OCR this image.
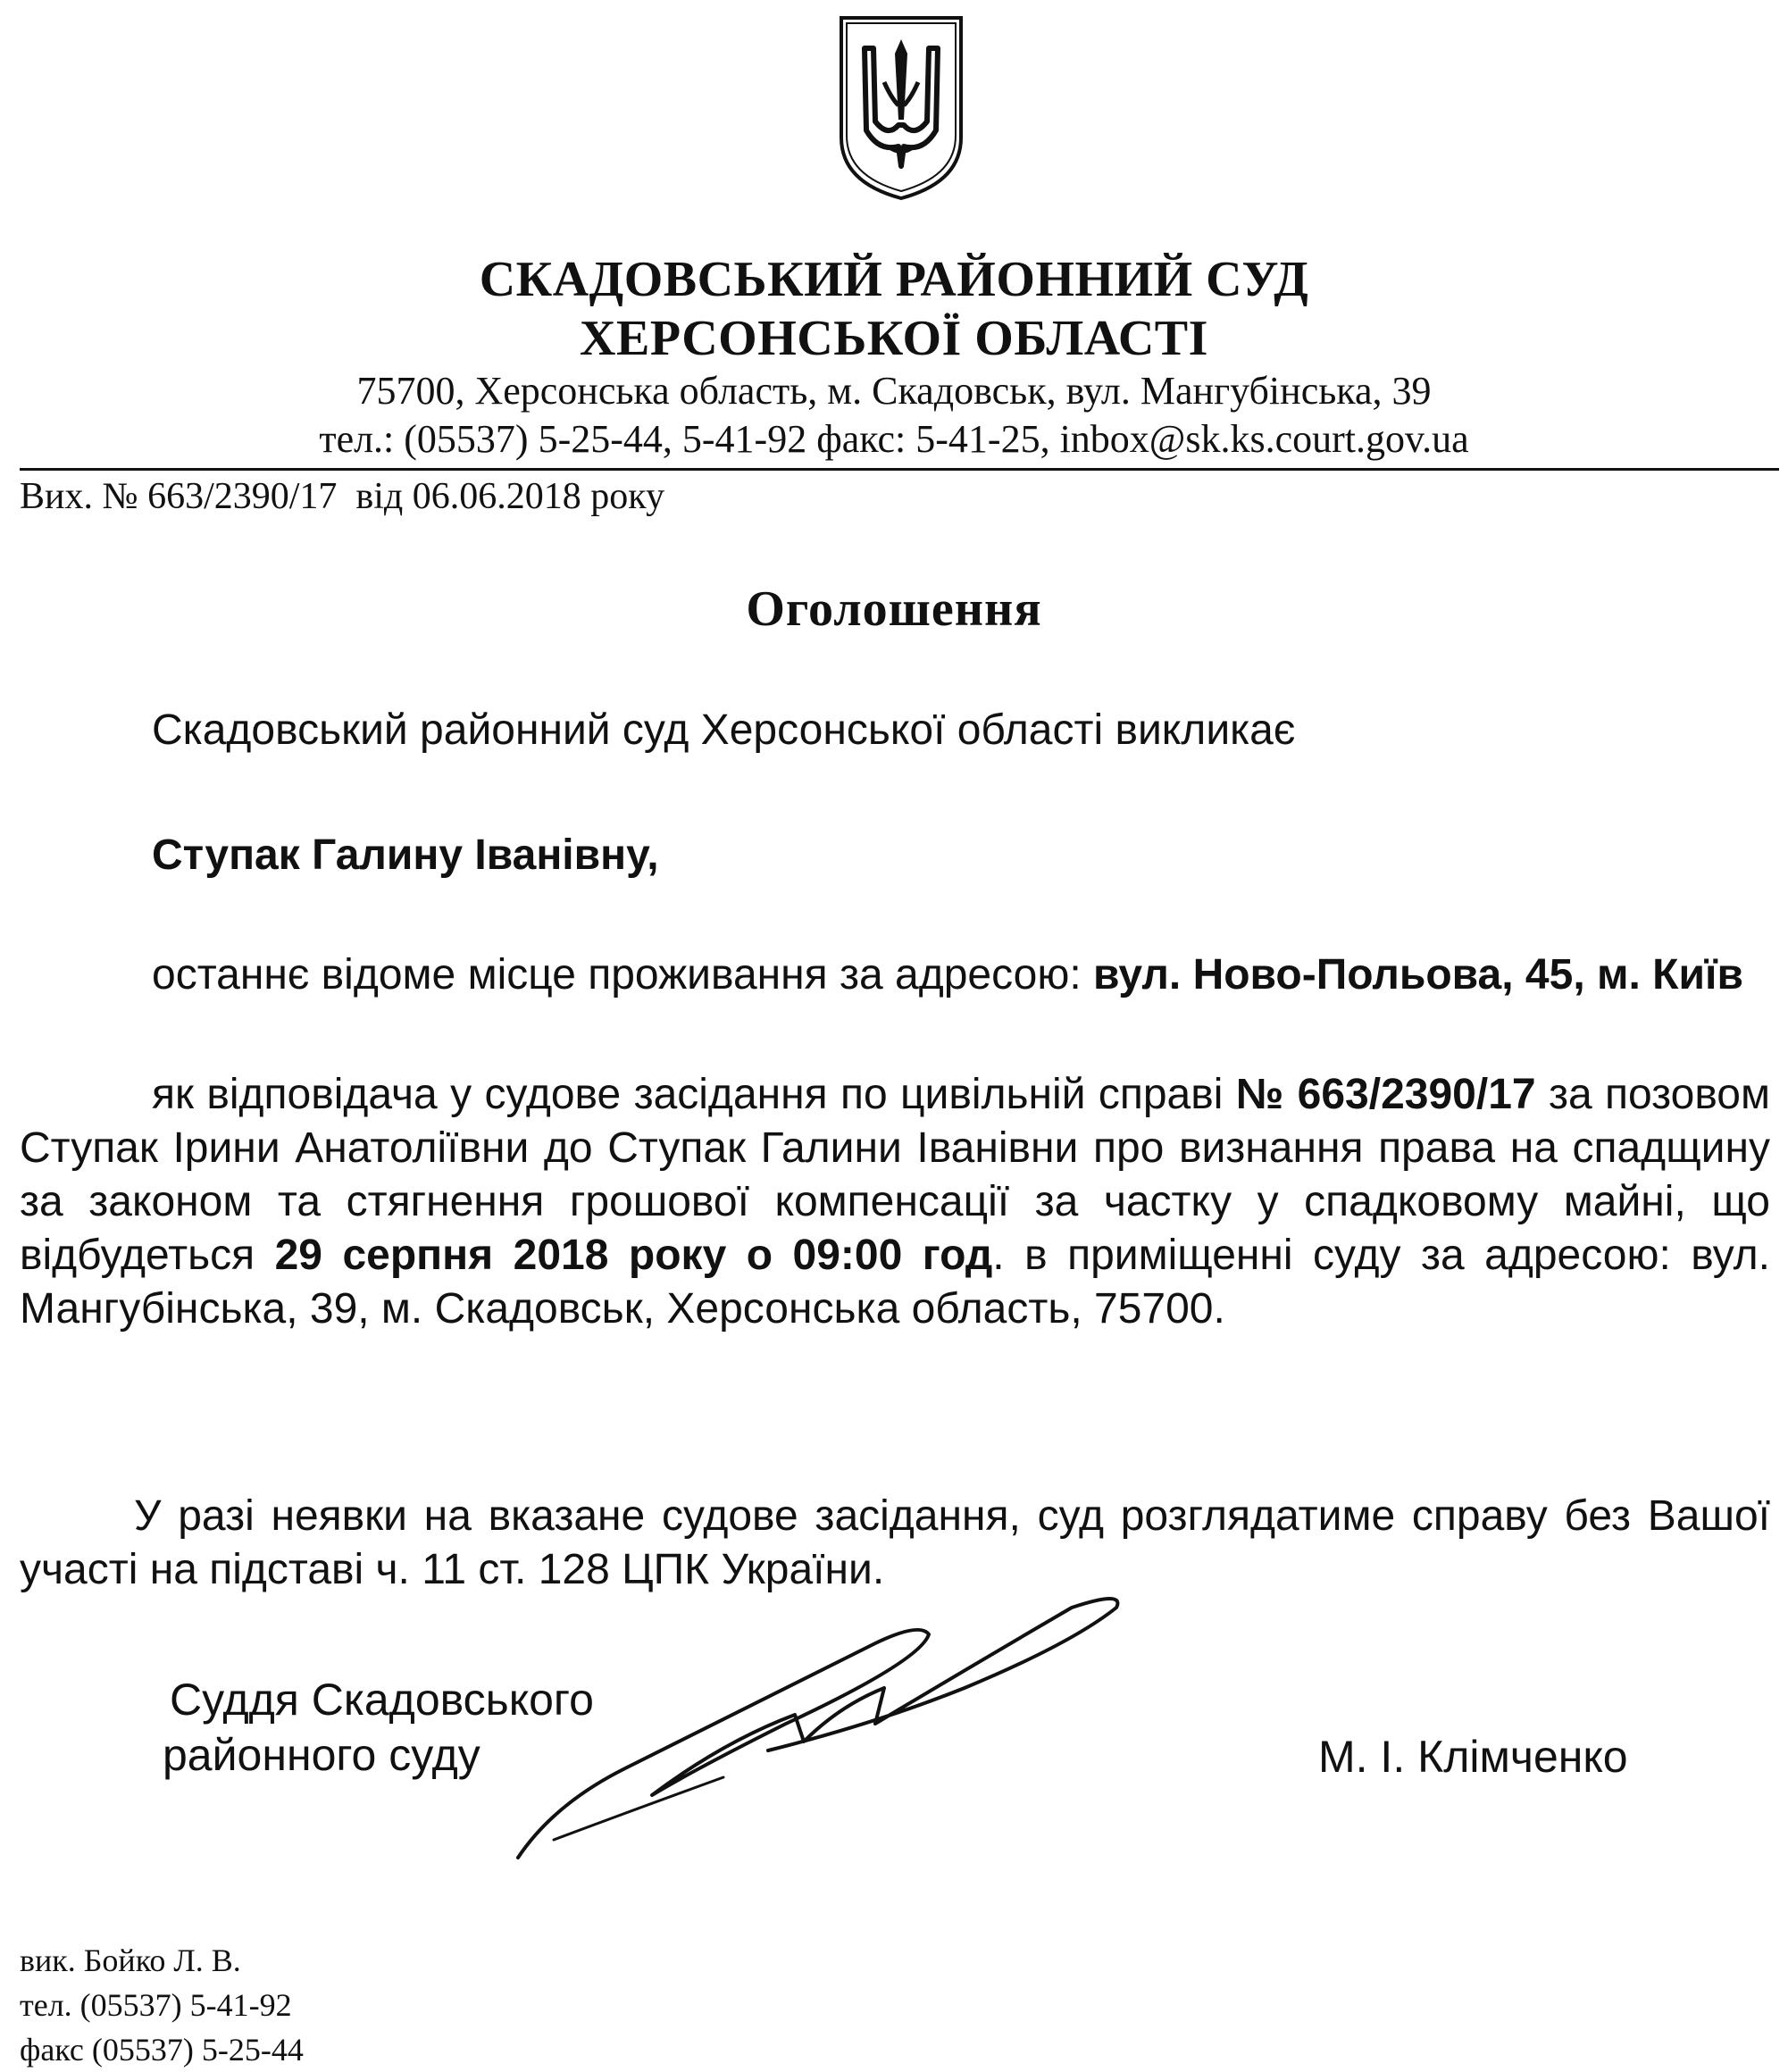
СКАДОВСЬКИЙ РАЙОННИЙ СУД
ХЕРСОНСЬКОЇ ОБЛАСТІ
75700, Херсонська область, м. Скадовськ, вул. Мангубінська, 39
тел.: (05537) 5-25-44, 5-41-92 факс: 5-41-25, inbox@sk.ks.court.gov.ua
Вих. № 663/2390/17  від 06.06.2018 року
Оголошення
Скадовський районний суд Херсонської області викликає
Ступак Галину Іванівну,
останнє відоме місце проживання за адресою: вул. Ново-Польова, 45, м. Київ
як відповідача у судове засідання по цивільній справі № 663/2390/17 за позовом Ступак Ірини Анатоліївни до Ступак Галини Іванівни про визнання права на спадщину за законом та стягнення грошової компенсації за частку у спадковому майні, що відбудеться 29 серпня 2018 року о 09:00 год. в приміщенні суду за адресою: вул. Мангубінська, 39, м. Скадовськ, Херсонська область, 75700.
У разі неявки на вказане судове засідання, суд розглядатиме справу без Вашої участі на підставі ч. 11 ст. 128 ЦПК України.
Суддя Скадовського
районного суду	М. І. Клімченко
вик. Бойко Л. В.
тел. (05537) 5-41-92
факс (05537) 5-25-44
